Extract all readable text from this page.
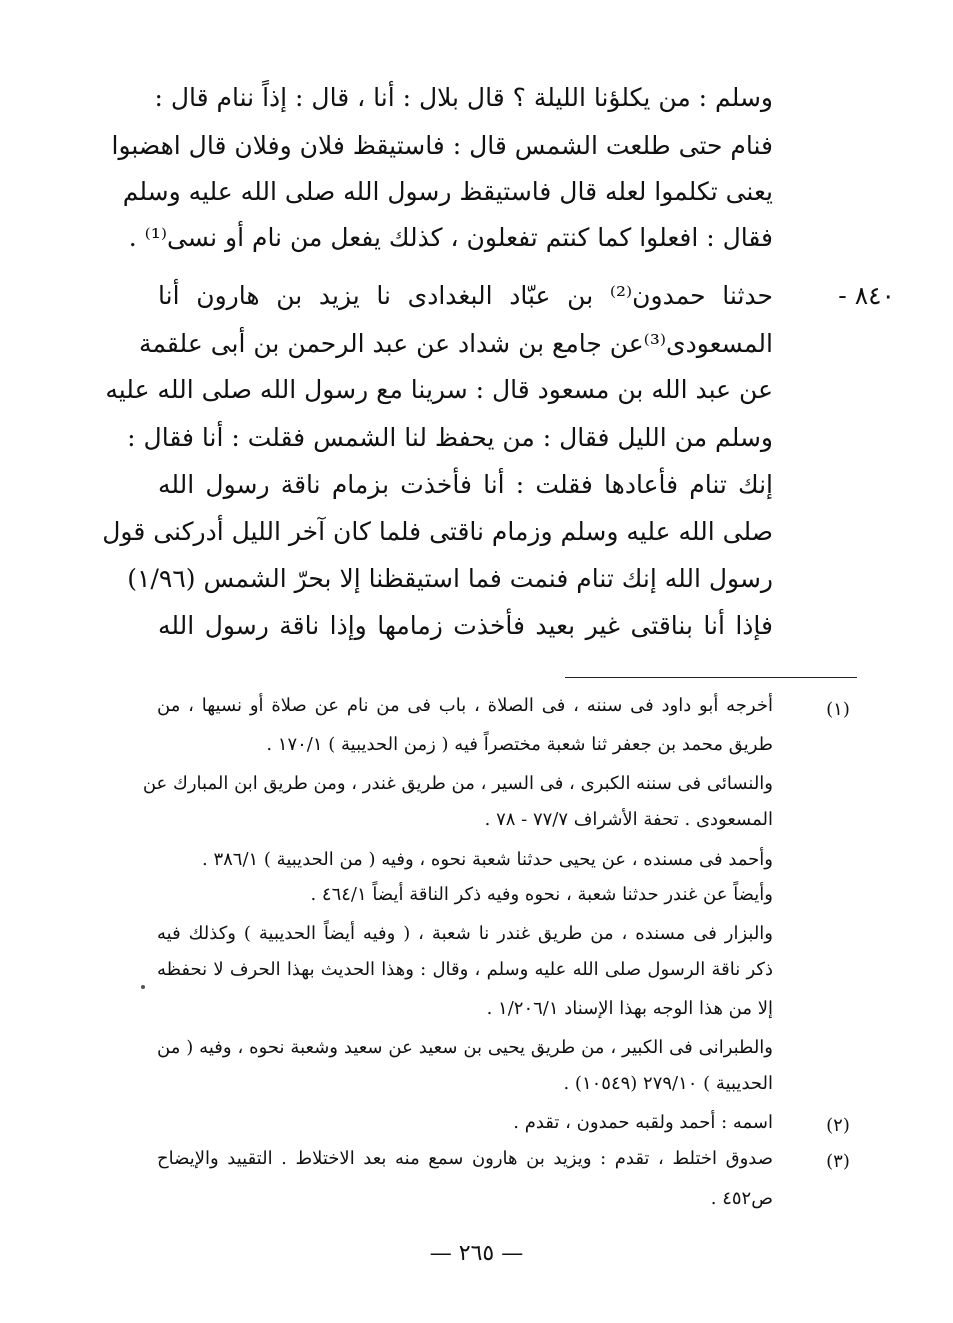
وسلم : من يكلؤنا الليلة ؟ قال بلال : أنا ، قال : إذاً ننام قال :
فنام حتى طلعت الشمس قال : فاستيقظ فلان وفلان قال اهضبوا
يعنى تكلموا لعله قال فاستيقظ رسول الله صلى الله عليه وسلم
فقال : افعلوا كما كنتم تفعلون ، كذلك يفعل من نام أو نسى⁽¹⁾ .
٨٤٠ -
حدثنا حمدون⁽²⁾ بن عبّاد البغدادى نا يزيد بن هارون أنا
المسعودى⁽³⁾عن جامع بن شداد عن عبد الرحمن بن أبى علقمة
عن عبد الله بن مسعود قال : سرينا مع رسول الله صلى الله عليه
وسلم من الليل فقال : من يحفظ لنا الشمس فقلت : أنا فقال :
إنك تنام فأعادها فقلت : أنا فأخذت بزمام ناقة رسول الله
صلى الله عليه وسلم وزمام ناقتى فلما كان آخر الليل أدركنى قول
رسول الله إنك تنام فنمت فما استيقظنا إلا بحرّ الشمس (١/٩٦)
فإذا أنا بناقتى غير بعيد فأخذت زمامها وإذا ناقة رسول الله
(١)
أخرجه أبو داود فى سننه ، فى الصلاة ، باب فى من نام عن صلاة أو نسيها ، من
طريق محمد بن جعفر ثنا شعبة مختصراً فيه ( زمن الحديبية ) ١٧٠/١ .
والنسائى فى سننه الكبرى ، فى السير ، من طريق غندر ، ومن طريق ابن المبارك عن
المسعودى . تحفة الأشراف ٧٧/٧ - ٧٨ .
وأحمد فى مسنده ، عن يحيى حدثنا شعبة نحوه ، وفيه ( من الحديبية ) ٣٨٦/١ .
وأيضاً عن غندر حدثنا شعبة ، نحوه وفيه ذكر الناقة أيضاً ٤٦٤/١ .
والبزار فى مسنده ، من طريق غندر نا شعبة ، ( وفيه أيضاً الحديبية ) وكذلك فيه
ذكر ناقة الرسول صلى الله عليه وسلم ، وقال : وهذا الحديث بهذا الحرف لا نحفظه
إلا من هذا الوجه بهذا الإسناد ١/٢٠٦/١ .
والطبرانى فى الكبير ، من طريق يحيى بن سعيد عن سعيد وشعبة نحوه ، وفيه ( من
الحديبية ) ٢٧٩/١٠ (١٠٥٤٩) .
(٢)
اسمه : أحمد ولقبه حمدون ، تقدم .
(٣)
صدوق اختلط ، تقدم : ويزيد بن هارون سمع منه بعد الاختلاط . التقييد والإيضاح
ص٤٥٢ .
— ٢٦٥ —
